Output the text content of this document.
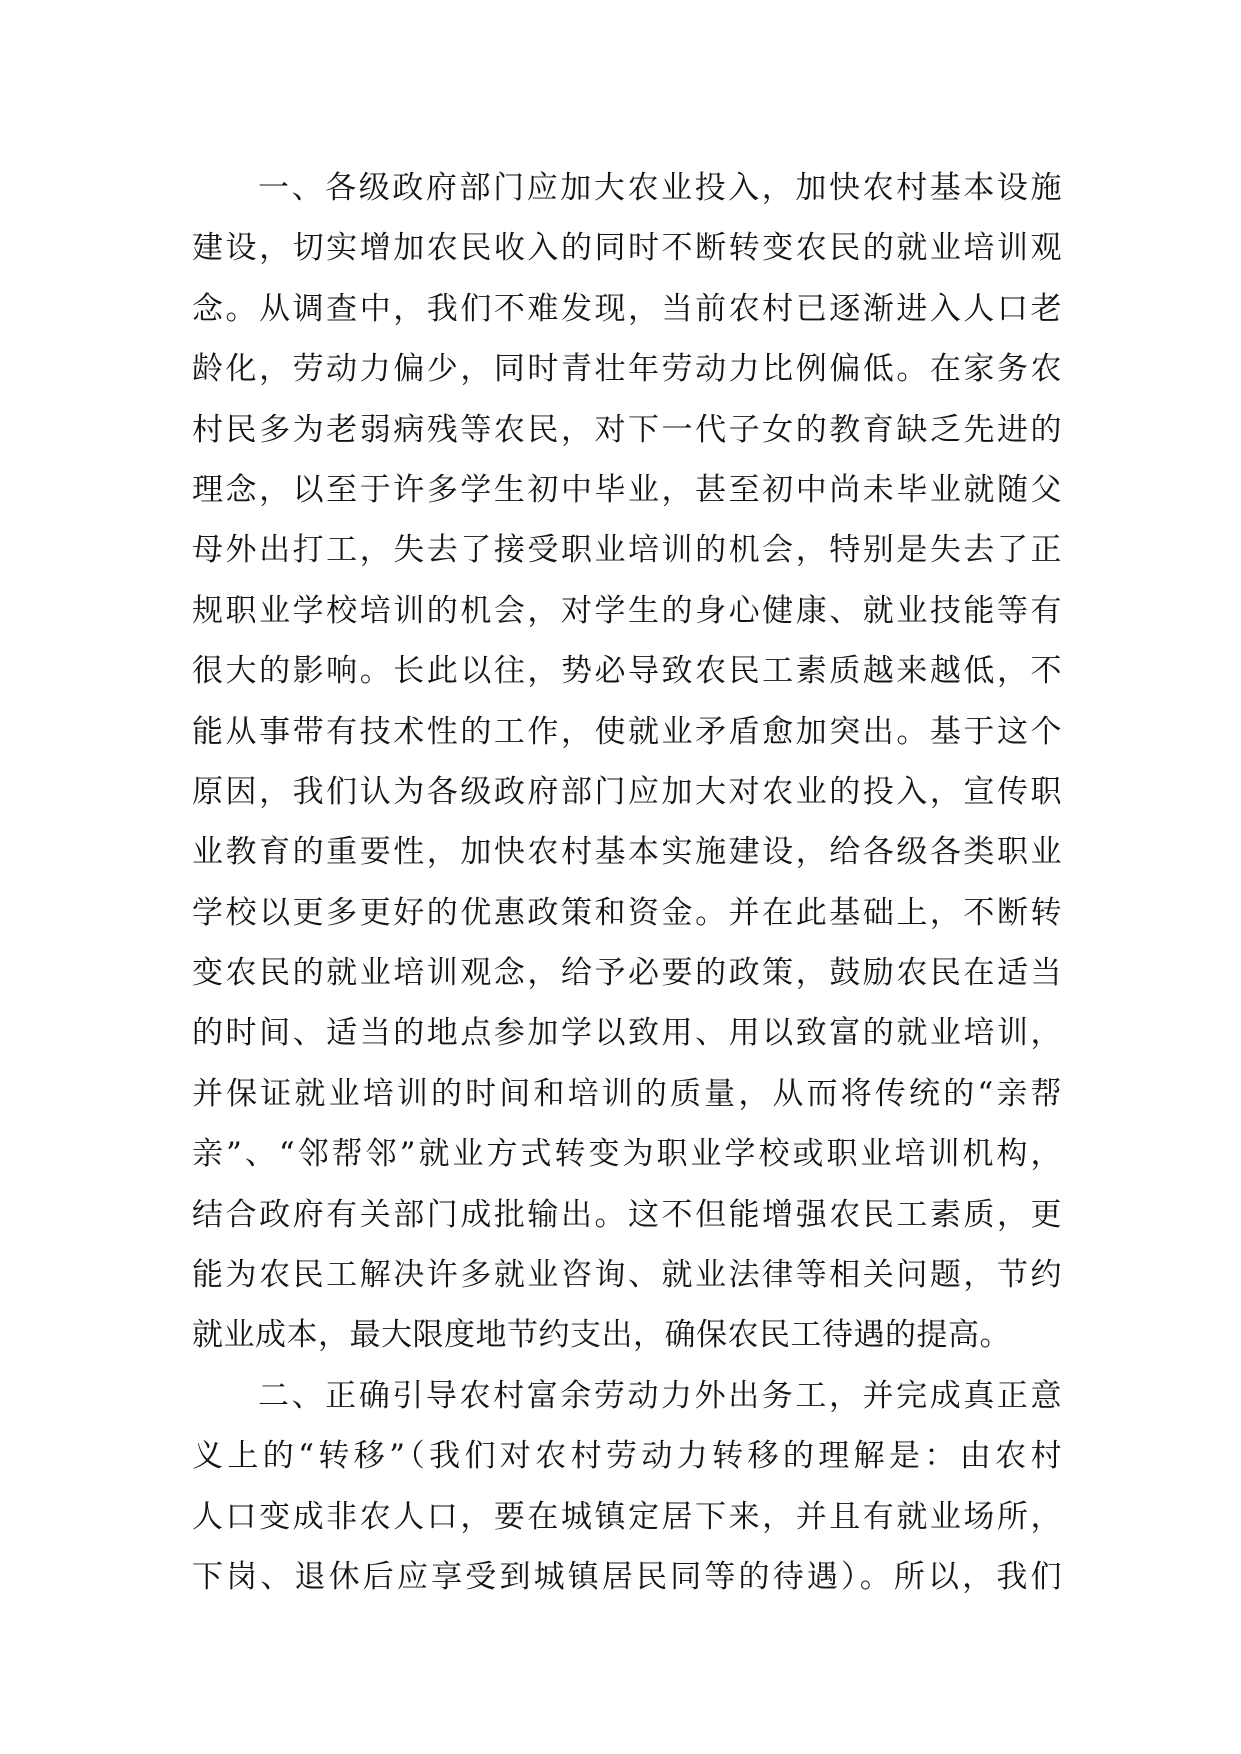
一、各级政府部门应加大农业投入，加快农村基本设施
建设，切实增加农民收入的同时不断转变农民的就业培训观
念。从调查中，我们不难发现，当前农村已逐渐进入人口老
龄化，劳动力偏少，同时青壮年劳动力比例偏低。在家务农
村民多为老弱病残等农民，对下一代子女的教育缺乏先进的
理念，以至于许多学生初中毕业，甚至初中尚未毕业就随父
母外出打工，失去了接受职业培训的机会，特别是失去了正
规职业学校培训的机会，对学生的身心健康、就业技能等有
很大的影响。长此以往，势必导致农民工素质越来越低，不
能从事带有技术性的工作，使就业矛盾愈加突出。基于这个
原因，我们认为各级政府部门应加大对农业的投入，宣传职
业教育的重要性，加快农村基本实施建设，给各级各类职业
学校以更多更好的优惠政策和资金。并在此基础上，不断转
变农民的就业培训观念，给予必要的政策，鼓励农民在适当
的时间、适当的地点参加学以致用、用以致富的就业培训，
并保证就业培训的时间和培训的质量，从而将传统的“亲帮
亲”、“邻帮邻”就业方式转变为职业学校或职业培训机构，
结合政府有关部门成批输出。这不但能增强农民工素质，更
能为农民工解决许多就业咨询、就业法律等相关问题，节约
就业成本，最大限度地节约支出，确保农民工待遇的提高。
二、正确引导农村富余劳动力外出务工，并完成真正意
义上的“转移”（我们对农村劳动力转移的理解是：由农村
人口变成非农人口，要在城镇定居下来，并且有就业场所，
下岗、退休后应享受到城镇居民同等的待遇）。所以，我们
